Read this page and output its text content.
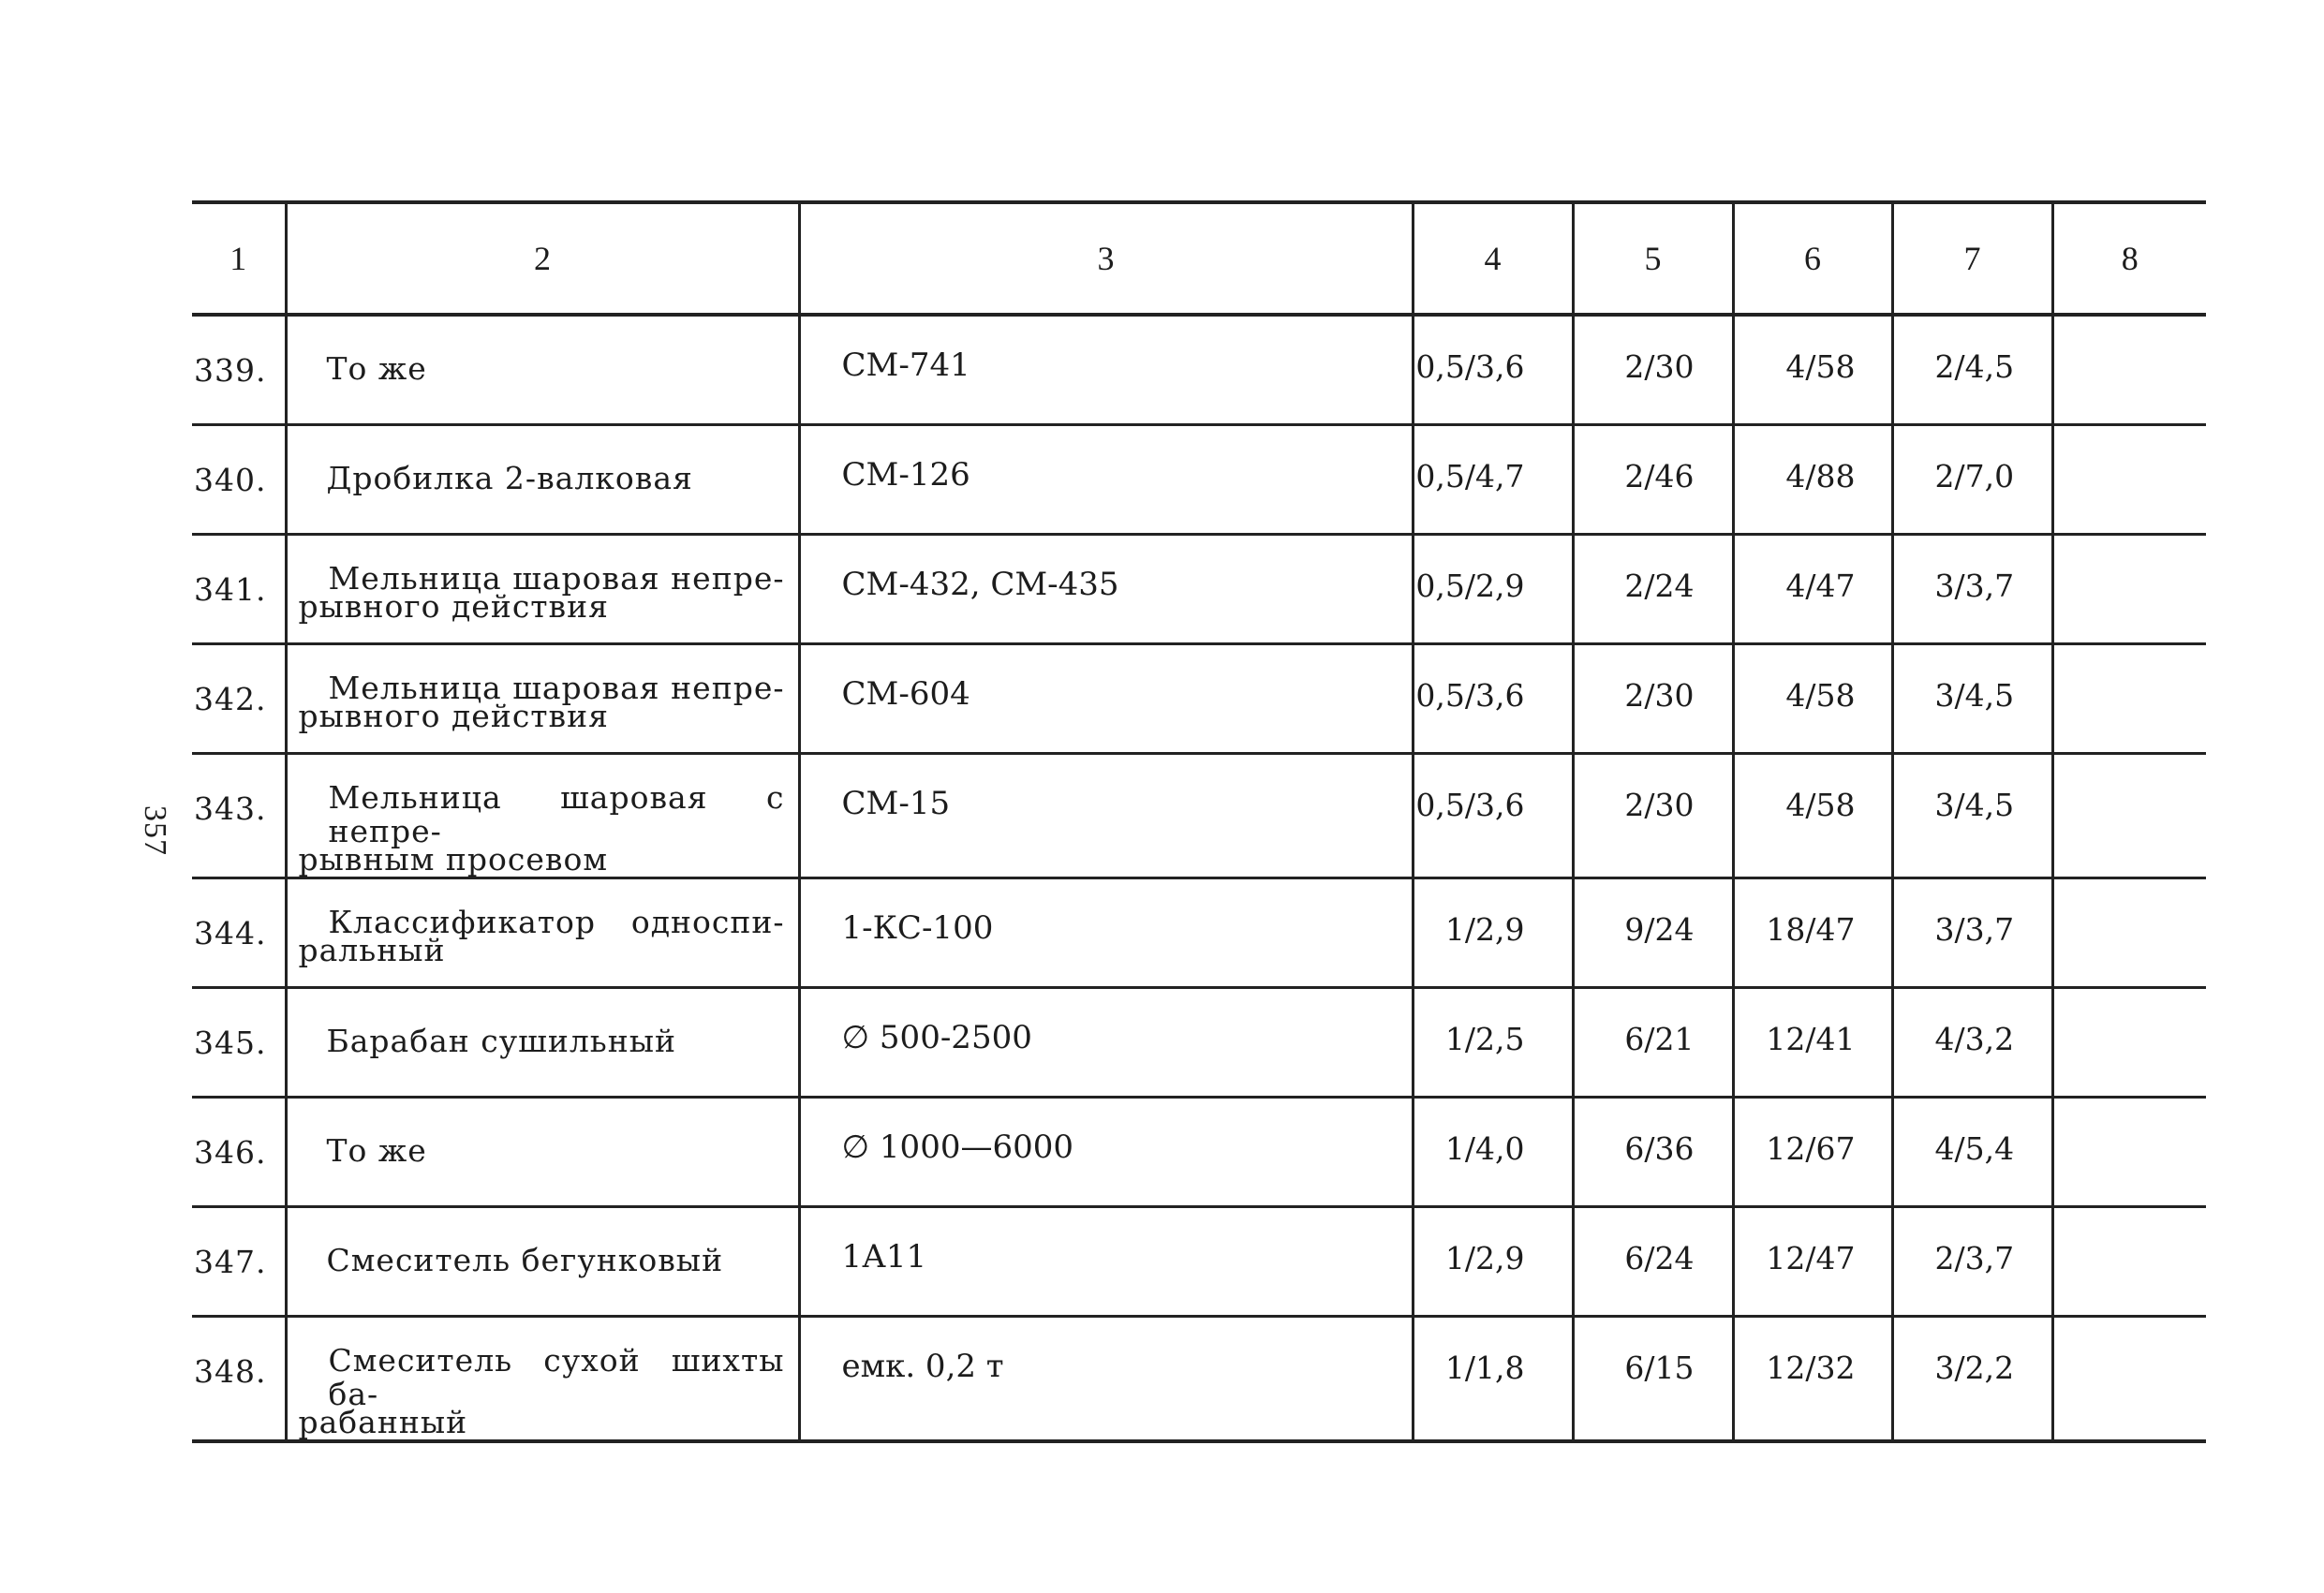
357
1	2	3	4	5	6	7	8

339.	То же	СМ-741	0,5/3,6	2/30	4/58	2/4,5	

340.	Дробилка 2-валковая	СМ-126	0,5/4,7	2/46	4/88	2/7,0	

341.	Мельница шаровая непре-
рывного действия	СМ-432, СМ-435	0,5/2,9	2/24	4/47	3/3,7	

342.	Мельница шаровая непре-
рывного действия	СМ-604	0,5/3,6	2/30	4/58	3/4,5	

343.	Мельница шаровая с непре-
рывным просевом	СМ-15	0,5/3,6	2/30	4/58	3/4,5	

344.	Классификатор односпи-
ральный	1-КС-100	1/2,9	9/24	18/47	3/3,7	

345.	Барабан сушильный	∅ 500-2500	1/2,5	6/21	12/41	4/3,2	

346.	То же	∅ 1000—6000	1/4,0	6/36	12/67	4/5,4	

347.	Смеситель бегунковый	1А11	1/2,9	6/24	12/47	2/3,7	

348.	Смеситель сухой шихты ба-
рабанный	емк. 0,2 т	1/1,8	6/15	12/32	3/2,2	
